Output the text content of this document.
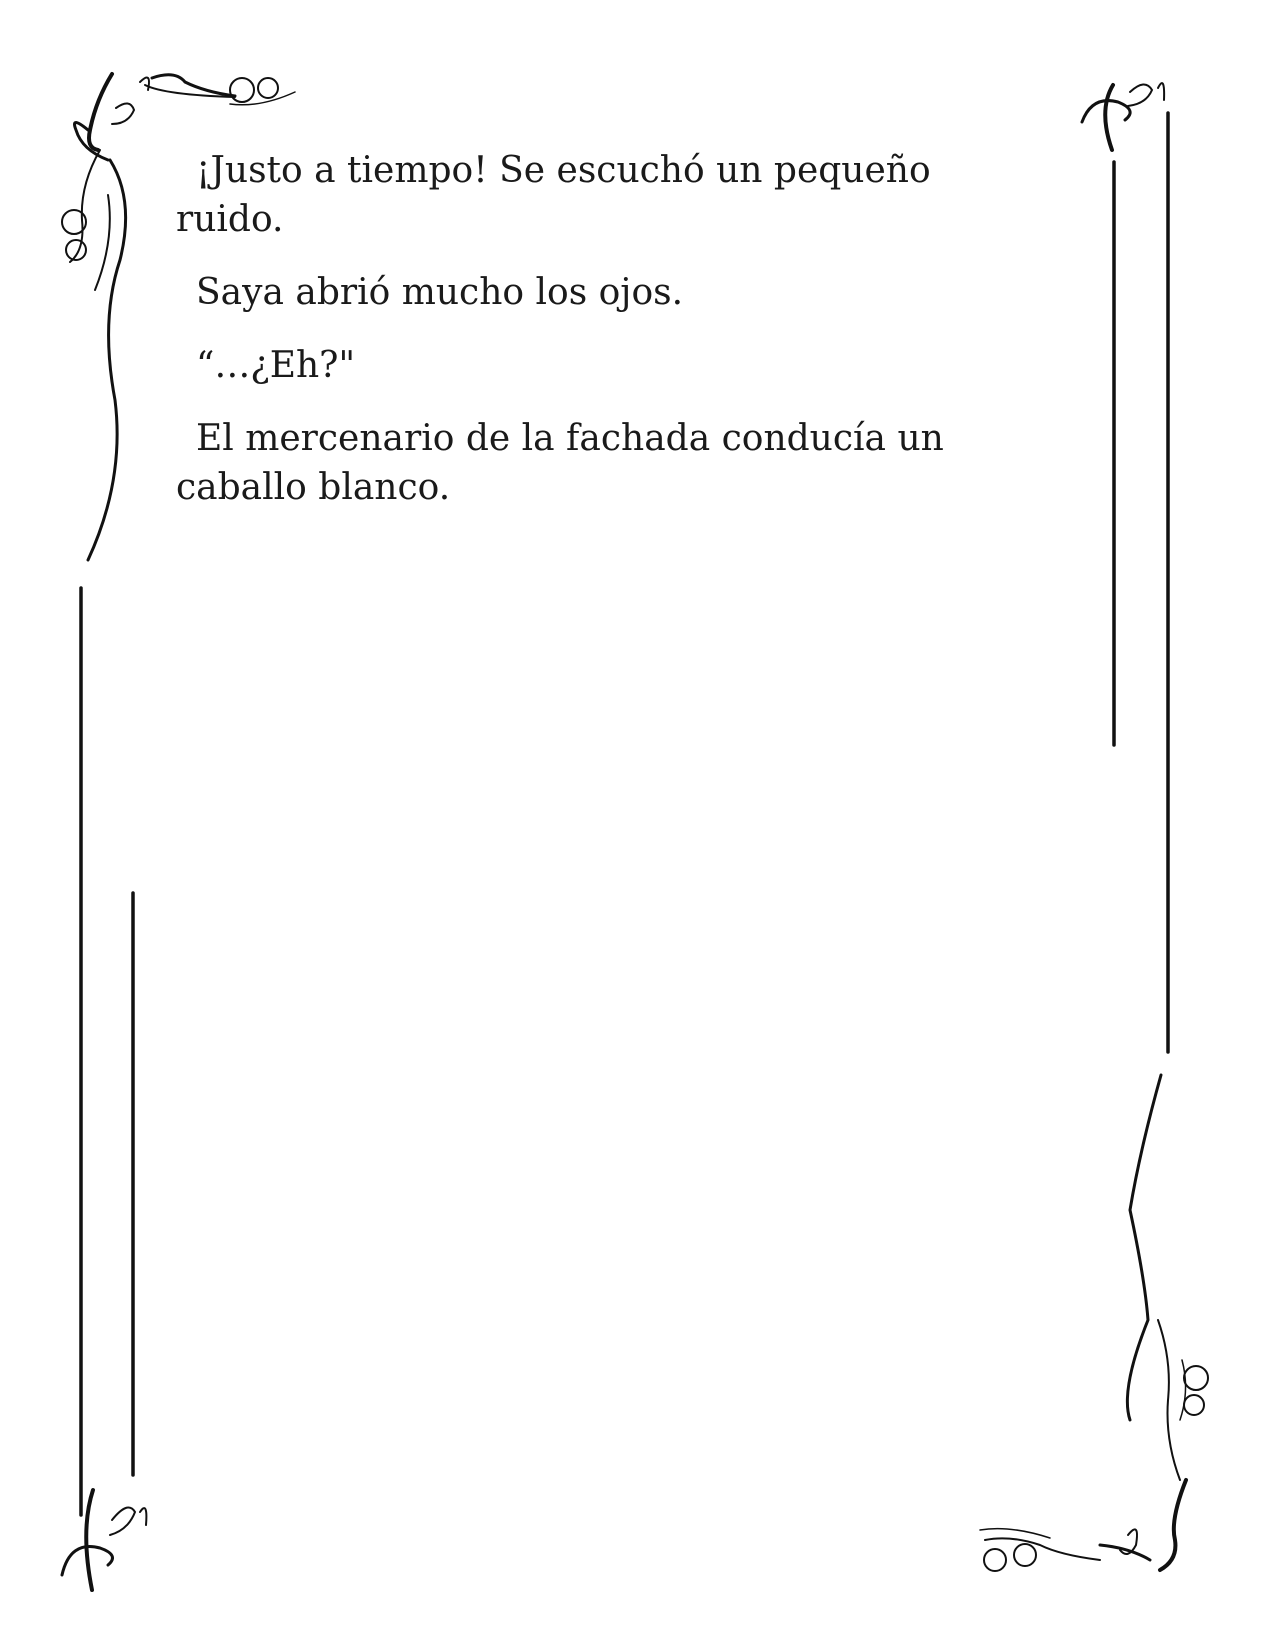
¡Justo a tiempo! Se escuchó un pequeño ruido.

Saya abrió mucho los ojos.

“…¿Eh?"

El mercenario de la fachada conducía un caballo blanco.
